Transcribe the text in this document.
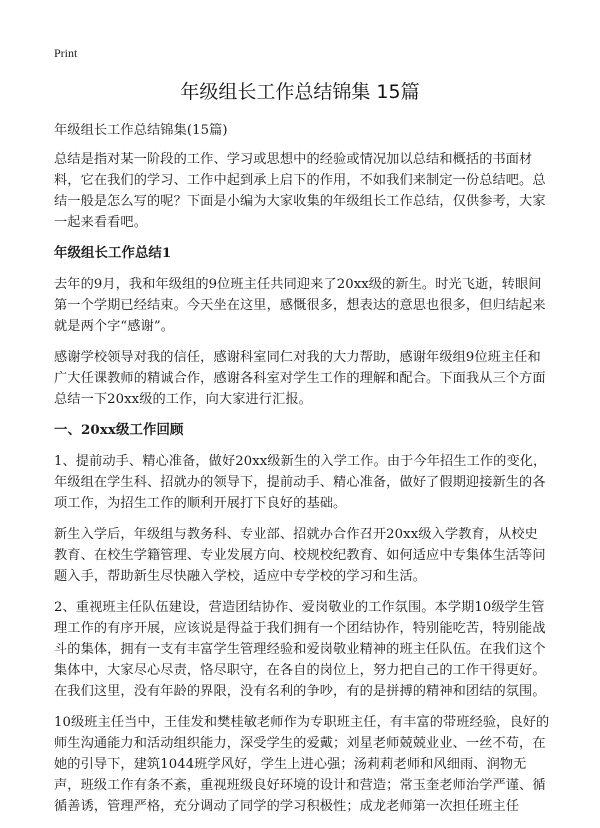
Print
年级组长工作总结锦集 15篇

年级组长工作总结锦集(15篇)

总结是指对某一阶段的工作、学习或思想中的经验或情况加以总结和概括的书面材料，它在我们的学习、工作中起到承上启下的作用，不如我们来制定一份总结吧。总结一般是怎么写的呢？下面是小编为大家收集的年级组长工作总结，仅供参考，大家一起来看看吧。

年级组长工作总结1

去年的9月，我和年级组的9位班主任共同迎来了20xx级的新生。时光飞逝，转眼间第一个学期已经结束。今天坐在这里，感慨很多，想表达的意思也很多，但归结起来就是两个字“感谢”。

感谢学校领导对我的信任，感谢科室同仁对我的大力帮助，感谢年级组9位班主任和广大任课教师的精诚合作，感谢各科室对学生工作的理解和配合。下面我从三个方面总结一下20xx级的工作，向大家进行汇报。

一、20xx级工作回顾

1、提前动手、精心准备，做好20xx级新生的入学工作。由于今年招生工作的变化，年级组在学生科、招就办的领导下，提前动手、精心准备，做好了假期迎接新生的各项工作，为招生工作的顺利开展打下良好的基础。

新生入学后，年级组与教务科、专业部、招就办合作召开20xx级入学教育，从校史教育、在校生学籍管理、专业发展方向、校规校纪教育、如何适应中专集体生活等问题入手，帮助新生尽快融入学校，适应中专学校的学习和生活。

2、重视班主任队伍建设，营造团结协作、爱岗敬业的工作氛围。本学期10级学生管理工作的有序开展，应该说是得益于我们拥有一个团结协作，特别能吃苦，特别能战斗的集体，拥有一支有丰富学生管理经验和爱岗敬业精神的班主任队伍。在我们这个集体中，大家尽心尽责，恪尽职守，在各自的岗位上，努力把自己的工作干得更好。在我们这里，没有年龄的界限，没有名利的争吵，有的是拼搏的精神和团结的氛围。

10级班主任当中，王佳发和樊桂敏老师作为专职班主任，有丰富的带班经验，良好的师生沟通能力和活动组织能力，深受学生的爱戴；刘星老师兢兢业业、一丝不苟，在她的引导下，建筑1044班学风好，学生上进心强；汤莉莉老师和风细雨、润物无声，班级工作有条不紊，重视班级良好环境的设计和营造；常玉奎老师治学严谨、循循善诱，管理严格，充分调动了同学的学习积极性；成龙老师第一次担任班主任
